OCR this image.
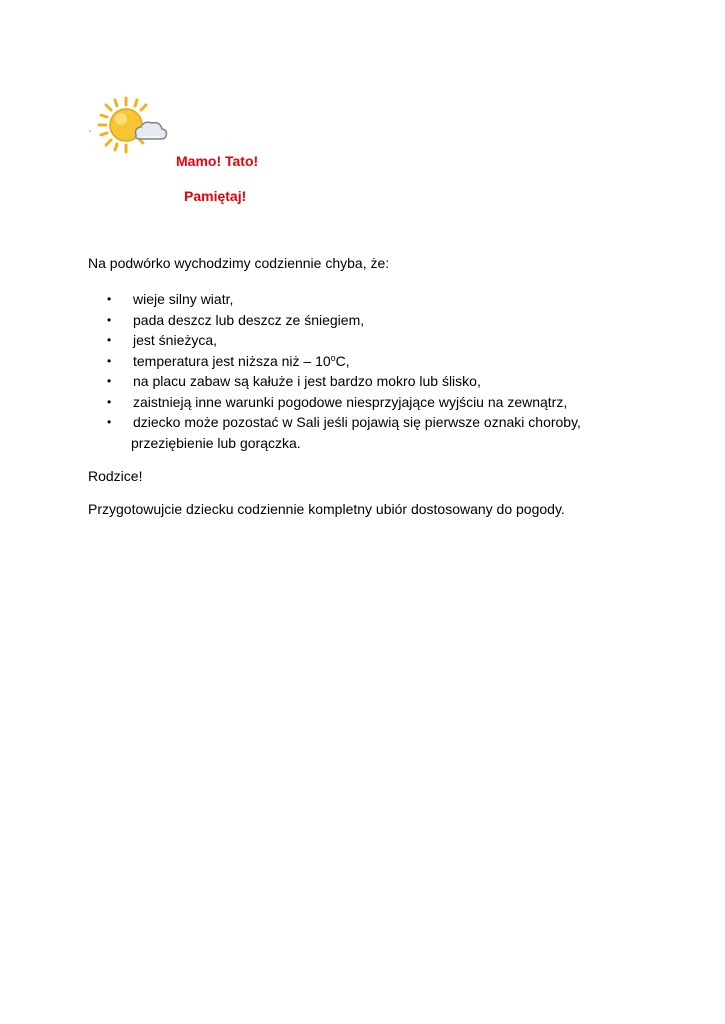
Mamo! Tato!

Pamiętaj!

Na podwórko wychodzimy codziennie chyba, że:

• wieje silny wiatr,
• pada deszcz lub deszcz ze śniegiem,
• jest śnieżyca,
• temperatura jest niższa niż – 10$^o$C,
• na placu zabaw są kałuże i jest bardzo mokro lub ślisko,
• zaistnieją inne warunki pogodowe niesprzyjające wyjściu na zewnątrz,
• dziecko może pozostać w Sali jeśli pojawią się pierwsze oznaki choroby,
przeziębienie lub gorączka.

Rodzice!

Przygotowujcie dziecku codziennie kompletny ubiór dostosowany do pogody.
